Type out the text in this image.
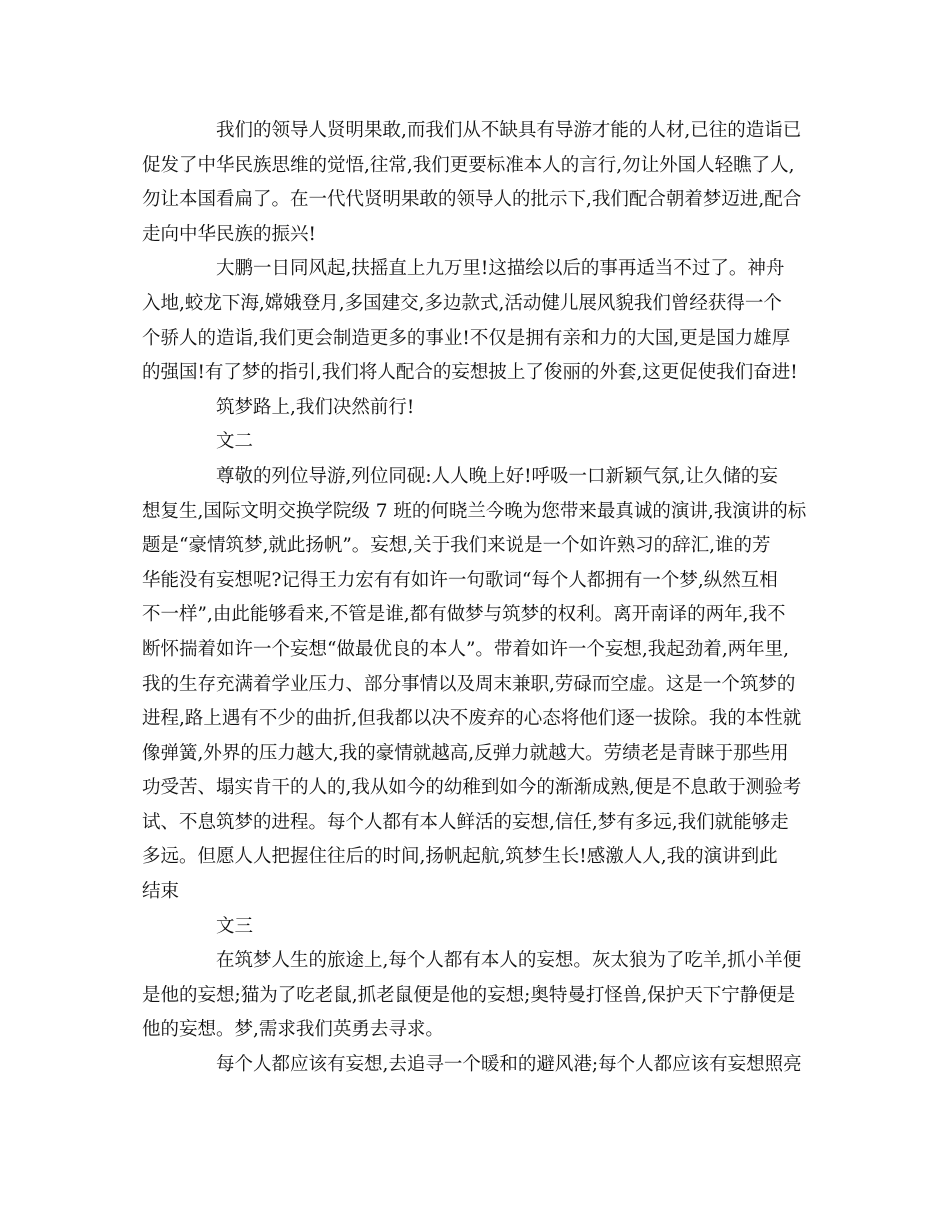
我们的领导人贤明果敢,而我们从不缺具有导游才能的人材,已往的造诣已
促发了中华民族思维的觉悟,往常,我们更要标准本人的言行,勿让外国人轻瞧了人,
勿让本国看扁了。在一代代贤明果敢的领导人的批示下,我们配合朝着梦迈进,配合
走向中华民族的振兴!
大鹏一日同风起,扶摇直上九万里!这描绘以后的事再适当不过了。神舟
入地,蛟龙下海,嫦娥登月,多国建交,多边款式,活动健儿展风貌我们曾经获得一个
个骄人的造诣,我们更会制造更多的事业!不仅是拥有亲和力的大国,更是国力雄厚
的强国!有了梦的指引,我们将人配合的妄想披上了俊丽的外套,这更促使我们奋进!
筑梦路上,我们决然前行!
文二
尊敬的列位导游,列位同砚:人人晚上好!呼吸一口新颖气氛,让久储的妄
想复生,国际文明交换学院级 7 班的何晓兰今晚为您带来最真诚的演讲,我演讲的标
题是“豪情筑梦,就此扬帆”。妄想,关于我们来说是一个如许熟习的辞汇,谁的芳
华能没有妄想呢?记得王力宏有有如许一句歌词“每个人都拥有一个梦,纵然互相
不一样”,由此能够看来,不管是谁,都有做梦与筑梦的权利。离开南译的两年,我不
断怀揣着如许一个妄想“做最优良的本人”。带着如许一个妄想,我起劲着,两年里,
我的生存充满着学业压力、部分事情以及周末兼职,劳碌而空虚。这是一个筑梦的
进程,路上遇有不少的曲折,但我都以决不废弃的心态将他们逐一拔除。我的本性就
像弹簧,外界的压力越大,我的豪情就越高,反弹力就越大。劳绩老是青睐于那些用
功受苦、塌实肯干的人的,我从如今的幼稚到如今的渐渐成熟,便是不息敢于测验考
试、不息筑梦的进程。每个人都有本人鲜活的妄想,信任,梦有多远,我们就能够走
多远。但愿人人把握住往后的时间,扬帆起航,筑梦生长!感激人人,我的演讲到此
结束
文三
在筑梦人生的旅途上,每个人都有本人的妄想。灰太狼为了吃羊,抓小羊便
是他的妄想;猫为了吃老鼠,抓老鼠便是他的妄想;奥特曼打怪兽,保护天下宁静便是
他的妄想。梦,需求我们英勇去寻求。
每个人都应该有妄想,去追寻一个暖和的避风港;每个人都应该有妄想照亮
